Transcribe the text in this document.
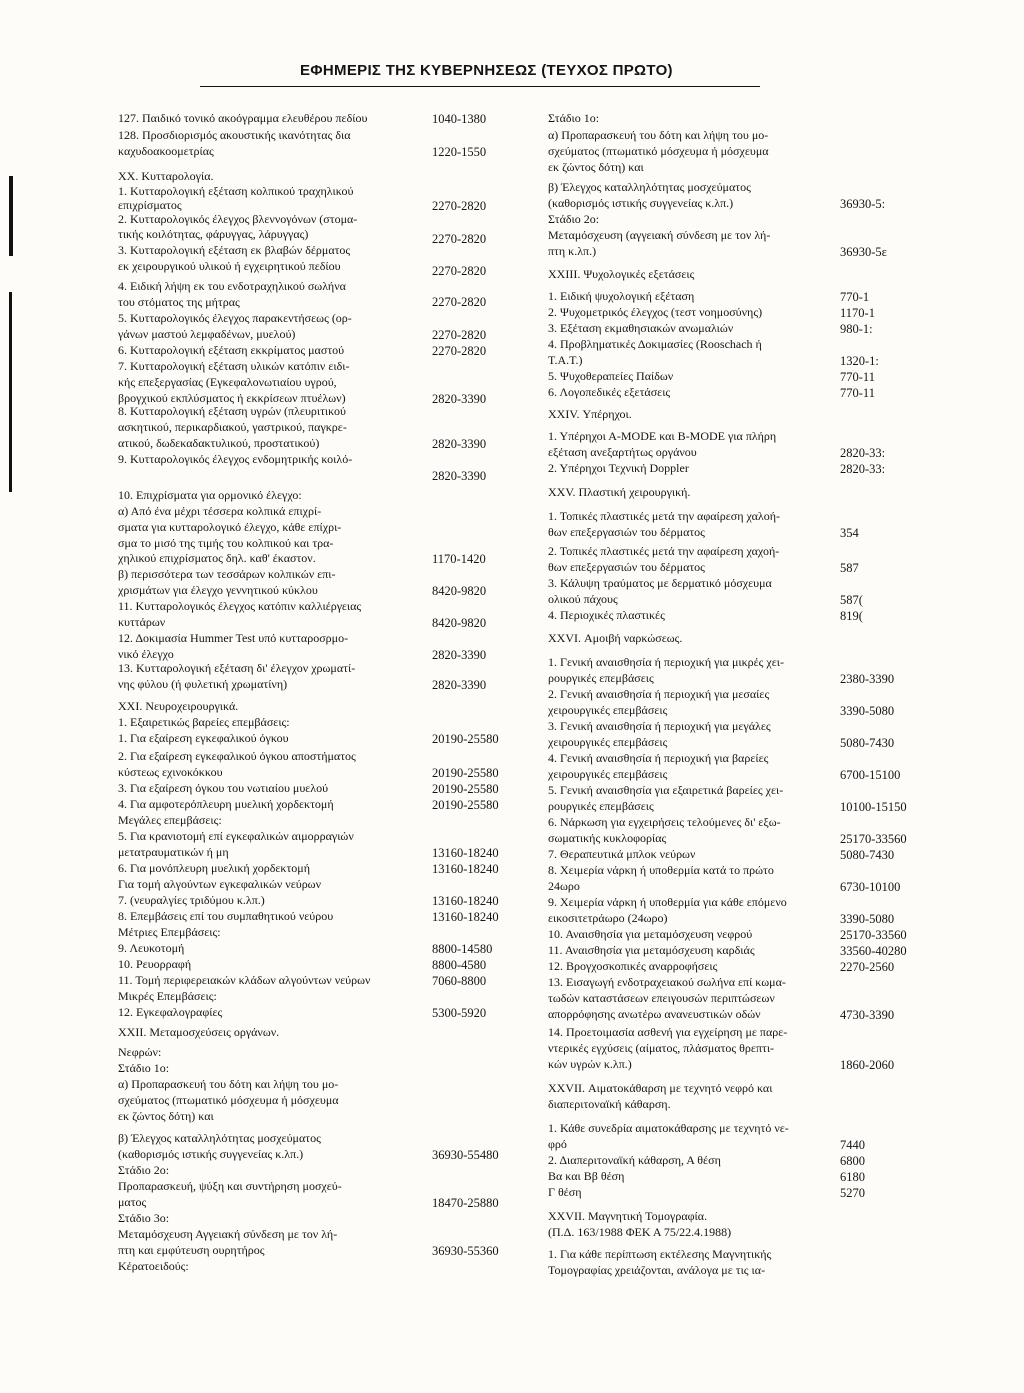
ΕΦΗΜΕΡΙΣ ΤΗΣ ΚΥΒΕΡΝΗΣΕΩΣ (ΤΕΥΧΟΣ ΠΡΩΤΟ)
127. Παιδικό τονικό ακοόγραμμα ελευθέρου πεδίου
128. Προσδιορισμός ακουστικής ικανότητας δια
καχυδοακοομετρίας
XX. Κυτταρολογία.
1. Κυτταρολογική εξέταση κολπικού τραχηλικού
επιχρίσματος
2. Κυτταρολογικός έλεγχος βλεννογόνων (στομα-
τικής κοιλότητας, φάρυγγας, λάρυγγας)
3. Κυτταρολογική εξέταση εκ βλαβών δέρματος
εκ χειρουργικού υλικού ή εγχειρητικού πεδίου
4. Ειδική λήψη εκ του ενδοτραχηλικού σωλήνα
του στόματος της μήτρας
5. Κυτταρολογικός έλεγχος παρακεντήσεως (ορ-
γάνων μαστού λεμφαδένων, μυελού)
6. Κυτταρολογική εξέταση εκκρίματος μαστού
7. Κυτταρολογική εξέταση υλικών κατόπιν ειδι-
κής επεξεργασίας (Εγκεφαλονωτιαίου υγρού,
βρογχικού εκπλύσματος ή εκκρίσεων πτυέλων)
8. Κυτταρολογική εξέταση υγρών (πλευριτικού
ασκητικού, περικαρδιακού, γαστρικού, παγκρε-
ατικού, δωδεκαδακτυλικού, προστατικού)
9. Κυτταρολογικός έλεγχος ενδομητρικής κοιλό-
10. Επιχρίσματα για ορμονικό έλεγχο:
α) Από ένα μέχρι τέσσερα κολπικά επιχρί-
σματα για κυτταρολογικό έλεγχο, κάθε επίχρι-
σμα το μισό της τιμής του κολπικού και τρα-
χηλικού επιχρίσματος δηλ. καθ' έκαστον.
β) περισσότερα των τεσσάρων κολπικών επι-
χρισμάτων για έλεγχο γεννητικού κύκλου
11. Κυτταρολογικός έλεγχος κατόπιν καλλιέργειας
κυττάρων
12. Δοκιμασία Hummer Test υπό κυτταροσρμο-
νικό έλεγχο
13. Κυτταρολογική εξέταση δι' έλεγχον χρωματί-
νης φύλου (ή φυλετική χρωματίνη)
XXI. Νευροχειρουργικά.
1. Εξαιρετικώς βαρείες επεμβάσεις:
1. Για εξαίρεση εγκεφαλικού όγκου
2. Για εξαίρεση εγκεφαλικού όγκου αποστήματος
κύστεως εχινοκόκκου
3. Για εξαίρεση όγκου του νωτιαίου μυελού
4. Για αμφοτερόπλευρη μυελική χορδεκτομή
Μεγάλες επεμβάσεις:
5. Για κρανιοτομή επί εγκεφαλικών αιμορραγιών
μετατραυματικών ή μη
6. Για μονόπλευρη μυελική χορδεκτομή
Για τομή αλγούντων εγκεφαλικών νεύρων
7. (νευραλγίες τριδύμου κ.λπ.)
8. Επεμβάσεις επί του συμπαθητικού νεύρου
Μέτριες Επεμβάσεις:
9. Λευκοτομή
10. Ρευορραφή
11. Τομή περιφερειακών κλάδων αλγούντων νεύρων
Μικρές Επεμβάσεις:
12. Εγκεφαλογραφίες
XXII. Μεταμοσχεύσεις οργάνων.
Νεφρών:
Στάδιο 1ο:
α) Προπαρασκευή του δότη και λήψη του μο-
σχεύματος (πτωματικό μόσχευμα ή μόσχευμα
εκ ζώντος δότη) και
β) Έλεγχος καταλληλότητας μοσχεύματος
(καθορισμός ιστικής συγγενείας κ.λπ.)
Στάδιο 2ο:
Προπαρασκευή, ψύξη και συντήρηση μοσχεύ-
ματος
Στάδιο 3ο:
Μεταμόσχευση Αγγειακή σύνδεση με τον λή-
πτη και εμφύτευση ουρητήρος
Κέρατοειδούς:
1040-1380
1220-1550
2270-2820
2270-2820
2270-2820
2270-2820
2270-2820
2270-2820
2820-3390
2820-3390
2820-3390
1170-1420
8420-9820
8420-9820
2820-3390
2820-3390
20190-25580
20190-25580
20190-25580
20190-25580
13160-18240
13160-18240
13160-18240
13160-18240
8800-14580
8800-4580
7060-8800
5300-5920
36930-55480
18470-25880
36930-55360
Στάδιο 1ο:
α) Προπαρασκευή του δότη και λήψη του μο-
σχεύματος (πτωματικό μόσχευμα ή μόσχευμα
εκ ζώντος δότη) και
β) Έλεγχος καταλληλότητας μοσχεύματος
(καθορισμός ιστικής συγγενείας κ.λπ.)
Στάδιο 2ο:
Μεταμόσχευση (αγγειακή σύνδεση με τον λή-
πτη κ.λπ.)
XXIII. Ψυχολογικές εξετάσεις
1. Ειδική ψυχολογική εξέταση
2. Ψυχομετρικός έλεγχος (τεστ νοημοσύνης)
3. Εξέταση εκμαθησιακών ανωμαλιών
4. Προβληματικές Δοκιμασίες (Rooschach ή
Τ.Α.Τ.)
5. Ψυχοθεραπείες Παίδων
6. Λογοπεδικές εξετάσεις
XXIV. Υπέρηχοι.
1. Υπέρηχοι Α-MODE και Β-MODE για πλήρη
εξέταση ανεξαρτήτως οργάνου
2. Υπέρηχοι Τεχνική Doppler
XXV. Πλαστική χειρουργική.
1. Τοπικές πλαστικές μετά την αφαίρεση χαλοή-
θων επεξεργασιών του δέρματος
2. Τοπικές πλαστικές μετά την αφαίρεση χαχοή-
θων επεξεργασιών του δέρματος
3. Κάλυψη τραύματος με δερματικό μόσχευμα
ολικού πάχους
4. Περιοχικές πλαστικές
XXVI. Αμοιβή ναρκώσεως.
1. Γενική αναισθησία ή περιοχική για μικρές χει-
ρουργικές επεμβάσεις
2. Γενική αναισθησία ή περιοχική για μεσαίες
χειρουργικές επεμβάσεις
3. Γενική αναισθησία ή περιοχική για μεγάλες
χειρουργικές επεμβάσεις
4. Γενική αναισθησία ή περιοχική για βαρείες
χειρουργικές επεμβάσεις
5. Γενική αναισθησία για εξαιρετικά βαρείες χει-
ρουργικές επεμβάσεις
6. Νάρκωση για εγχειρήσεις τελούμενες δι' εξω-
σωματικής κυκλοφορίας
7. Θεραπευτικά μπλοκ νεύρων
8. Χειμερία νάρκη ή υποθερμία κατά το πρώτο
24ωρο
9. Χειμερία νάρκη ή υποθερμία για κάθε επόμενο
εικοσιτετράωρο (24ωρο)
10. Αναισθησία για μεταμόσχευση νεφρού
11. Αναισθησία για μεταμόσχευση καρδιάς
12. Βρογχοσκοπικές αναρροφήσεις
13. Εισαγωγή ενδοτραχειακού σωλήνα επί κωμα-
τωδών καταστάσεων επειγουσών περιπτώσεων
απορρόφησης ανωτέρω ανανευστικών οδών
14. Προετοιμασία ασθενή για εγχείρηση με παρε-
ντερικές εγχύσεις (αίματος, πλάσματος θρεπτι-
κών υγρών κ.λπ.)
XXVII. Αιματοκάθαρση με τεχνητό νεφρό και
διαπεριτοναϊκή κάθαρση.
1. Κάθε συνεδρία αιματοκάθαρσης με τεχνητό νε-
φρό
2. Διαπεριτοναϊκή κάθαρση, Α θέση
Βα και Ββ θέση
Γ θέση
XXVII. Μαγνητική Τομογραφία.
(Π.Δ. 163/1988 ΦΕΚ Α 75/22.4.1988)
1. Για κάθε περίπτωση εκτέλεσης Μαγνητικής
Τομογραφίας χρειάζονται, ανάλογα με τις ια-
36930-5:
36930-5ε
770-1
1170-1
980-1:
1320-1:
770-11
770-11
2820-33:
2820-33:
354
587
587(
819(
2380-3390
3390-5080
5080-7430
6700-15100
10100-15150
25170-33560
5080-7430
6730-10100
3390-5080
25170-33560
33560-40280
2270-2560
4730-3390
1860-2060
7440
6800
6180
5270
